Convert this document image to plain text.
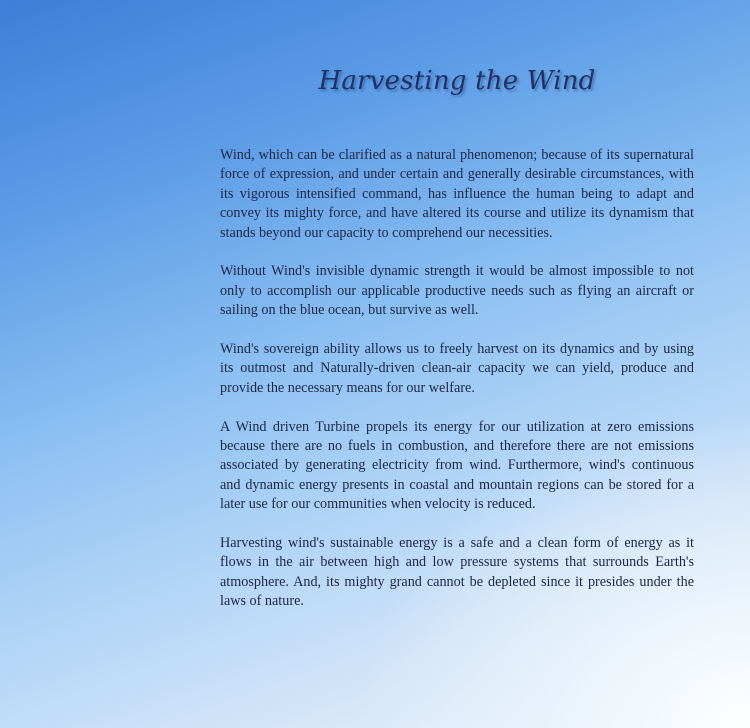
Harvesting the Wind

Wind, which can be clarified as a natural phenomenon; because of its supernatural force of expression, and under certain and generally desirable circumstances, with its vigorous intensified command, has influence the human being to adapt and convey its mighty force, and have altered its course and utilize its dynamism that stands beyond our capacity to comprehend our necessities.

Without Wind's invisible dynamic strength it would be almost impossible to not only to accomplish our applicable productive needs such as flying an aircraft or sailing on the blue ocean, but survive as well.

Wind's sovereign ability allows us to freely harvest on its dynamics and by using its outmost and Naturally-driven clean-air capacity we can yield, produce and provide the necessary means for our welfare.

A Wind driven Turbine propels its energy for our utilization at zero emissions because there are no fuels in combustion, and therefore there are not emissions associated by generating electricity from wind. Furthermore, wind's continuous and dynamic energy presents in coastal and mountain regions can be stored for a later use for our communities when velocity is reduced.

Harvesting wind's sustainable energy is a safe and a clean form of energy as it flows in the air between high and low pressure systems that surrounds Earth's atmosphere. And, its mighty grand cannot be depleted since it presides under the laws of nature.
